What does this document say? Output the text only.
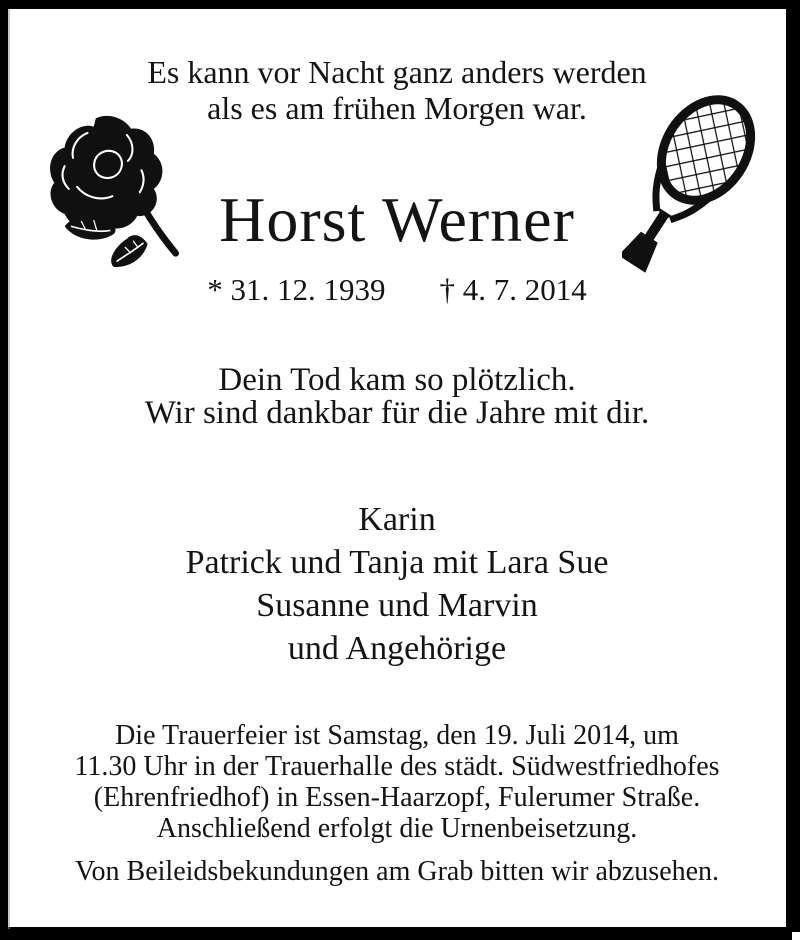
Es kann vor Nacht ganz anders werden
als es am frühen Morgen war.
Horst Werner
* 31. 12. 1939 † 4. 7. 2014
Dein Tod kam so plötzlich.
Wir sind dankbar für die Jahre mit dir.
Karin
Patrick und Tanja mit Lara Sue
Susanne und Marvin
und Angehörige
Die Trauerfeier ist Samstag, den 19. Juli 2014, um
11.30 Uhr in der Trauerhalle des städt. Südwestfriedhofes
(Ehrenfriedhof) in Essen-Haarzopf, Fulerumer Straße.
Anschließend erfolgt die Urnenbeisetzung.
Von Beileidsbekundungen am Grab bitten wir abzusehen.
